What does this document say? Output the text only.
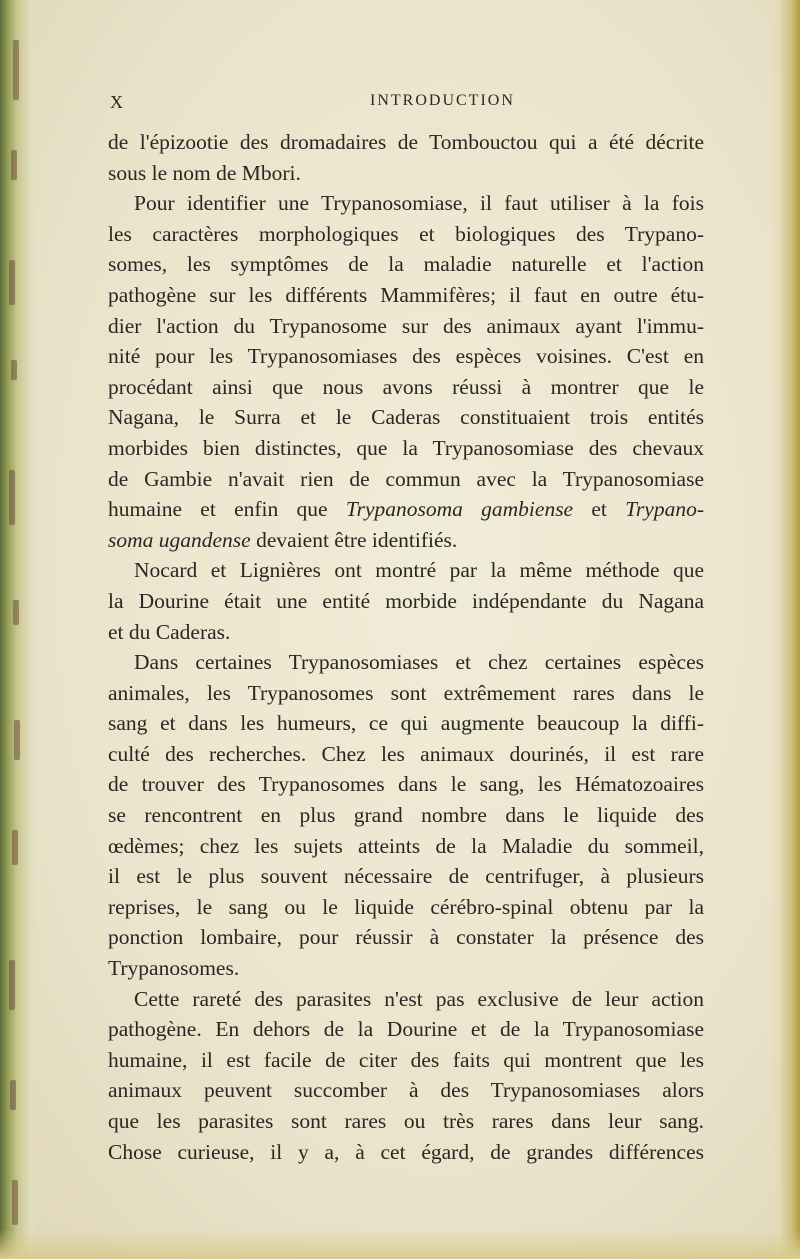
X	INTRODUCTION
de l'épizootie des dromadaires de Tombouctou qui a été décrite
sous le nom de Mbori.
Pour identifier une Trypanosomiase, il faut utiliser à la fois
les caractères morphologiques et biologiques des Trypano-
somes, les symptômes de la maladie naturelle et l'action
pathogène sur les différents Mammifères; il faut en outre étu-
dier l'action du Trypanosome sur des animaux ayant l'immu-
nité pour les Trypanosomiases des espèces voisines. C'est en
procédant ainsi que nous avons réussi à montrer que le
Nagana, le Surra et le Caderas constituaient trois entités
morbides bien distinctes, que la Trypanosomiase des chevaux
de Gambie n'avait rien de commun avec la Trypanosomiase
humaine et enfin que Trypanosoma gambiense et Trypano-
soma ugandense devaient être identifiés.
Nocard et Lignières ont montré par la même méthode que
la Dourine était une entité morbide indépendante du Nagana
et du Caderas.
Dans certaines Trypanosomiases et chez certaines espèces
animales, les Trypanosomes sont extrêmement rares dans le
sang et dans les humeurs, ce qui augmente beaucoup la diffi-
culté des recherches. Chez les animaux dourinés, il est rare
de trouver des Trypanosomes dans le sang, les Hématozoaires
se rencontrent en plus grand nombre dans le liquide des
œdèmes; chez les sujets atteints de la Maladie du sommeil,
il est le plus souvent nécessaire de centrifuger, à plusieurs
reprises, le sang ou le liquide cérébro-spinal obtenu par la
ponction lombaire, pour réussir à constater la présence des
Trypanosomes.
Cette rareté des parasites n'est pas exclusive de leur action
pathogène. En dehors de la Dourine et de la Trypanosomiase
humaine, il est facile de citer des faits qui montrent que les
animaux peuvent succomber à des Trypanosomiases alors
que les parasites sont rares ou très rares dans leur sang.
Chose curieuse, il y a, à cet égard, de grandes différences
